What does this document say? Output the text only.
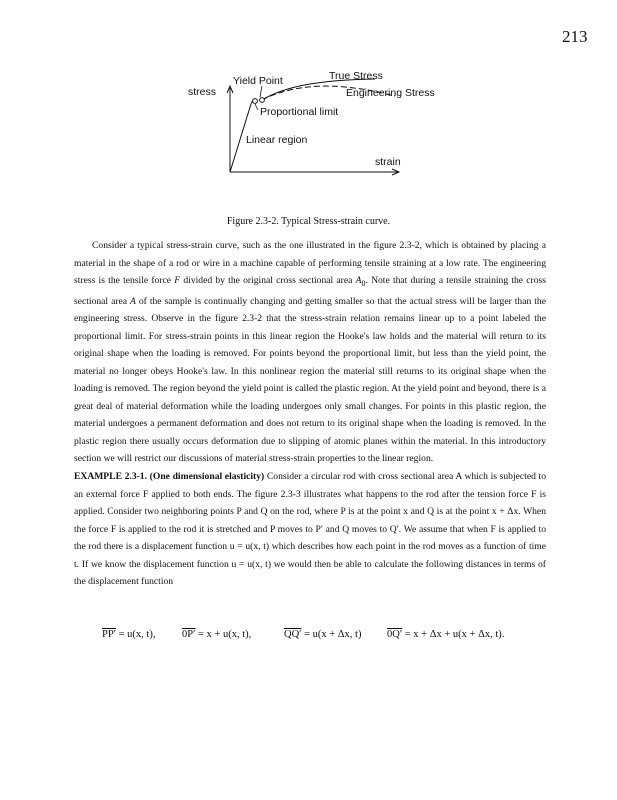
213
Yield Point	True Stress
stress	Engineering Stress
Proportional limit
Linear region
strain
Figure 2.3-2. Typical Stress-strain curve.

Consider a typical stress-strain curve, such as the one illustrated in the figure 2.3-2, which is obtained by placing a material in the shape of a rod or wire in a machine capable of performing tensile straining at a low rate. The engineering stress is the tensile force F divided by the original cross sectional area $A_0$. Note that during a tensile straining the cross sectional area A of the sample is continually changing and getting smaller so that the actual stress will be larger than the engineering stress. Observe in the figure 2.3-2 that the stress-strain relation remains linear up to a point labeled the proportional limit. For stress-strain points in this linear region the Hooke's law holds and the material will return to its original shape when the loading is removed. For points beyond the proportional limit, but less than the yield point, the material no longer obeys Hooke's law. In this nonlinear region the material still returns to its original shape when the loading is removed. The region beyond the yield point is called the plastic region. At the yield point and beyond, there is a great deal of material deformation while the loading undergoes only small changes. For points in this plastic region, the material undergoes a permanent deformation and does not return to its original shape when the loading is removed. In the plastic region there usually occurs deformation due to slipping of atomic planes within the material. In this introductory section we will restrict our discussions of material stress-strain properties to the linear region.

EXAMPLE 2.3-1. (One dimensional elasticity) Consider a circular rod with cross sectional area A which is subjected to an external force F applied to both ends. The figure 2.3-3 illustrates what happens to the rod after the tension force F is applied. Consider two neighboring points P and Q on the rod, where P is at the point x and Q is at the point x + Δx. When the force F is applied to the rod it is stretched and P moves to P′ and Q moves to Q′. We assume that when F is applied to the rod there is a displacement function u = u(x, t) which describes how each point in the rod moves as a function of time t. If we know the displacement function u = u(x, t) we would then be able to calculate the following distances in terms of the displacement function

PP′ = u(x, t),	0P′ = x + u(x, t),	QQ′ = u(x + Δx, t) 0Q′ = x + Δx + u(x + Δx, t).
